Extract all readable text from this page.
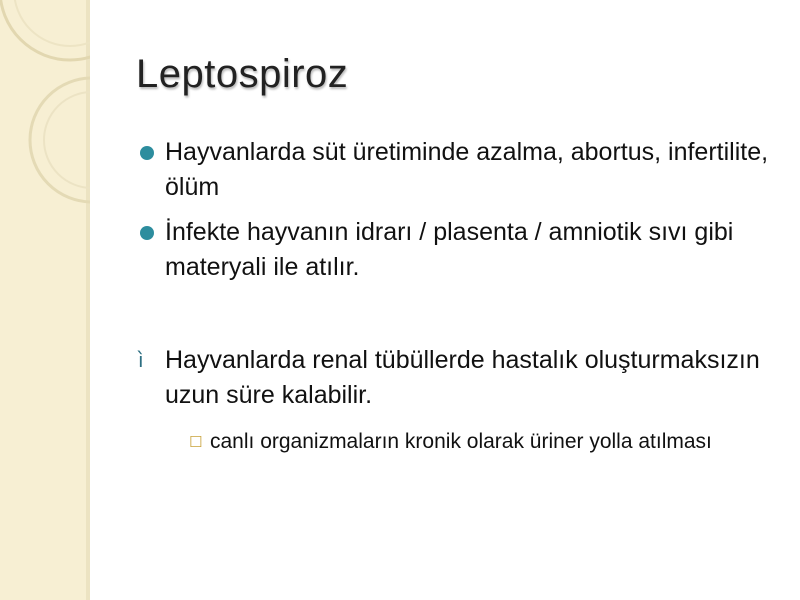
Leptospiroz
Hayvanlarda süt üretiminde azalma, abortus, infertilite, ölüm
İnfekte hayvanın idrarı / plasenta / amniotik sıvı gibi materyali ile atılır.
ì Hayvanlarda renal tübüllerde hastalık oluşturmaksızın uzun süre kalabilir.
☐ canlı organizmaların kronik olarak üriner yolla atılması
